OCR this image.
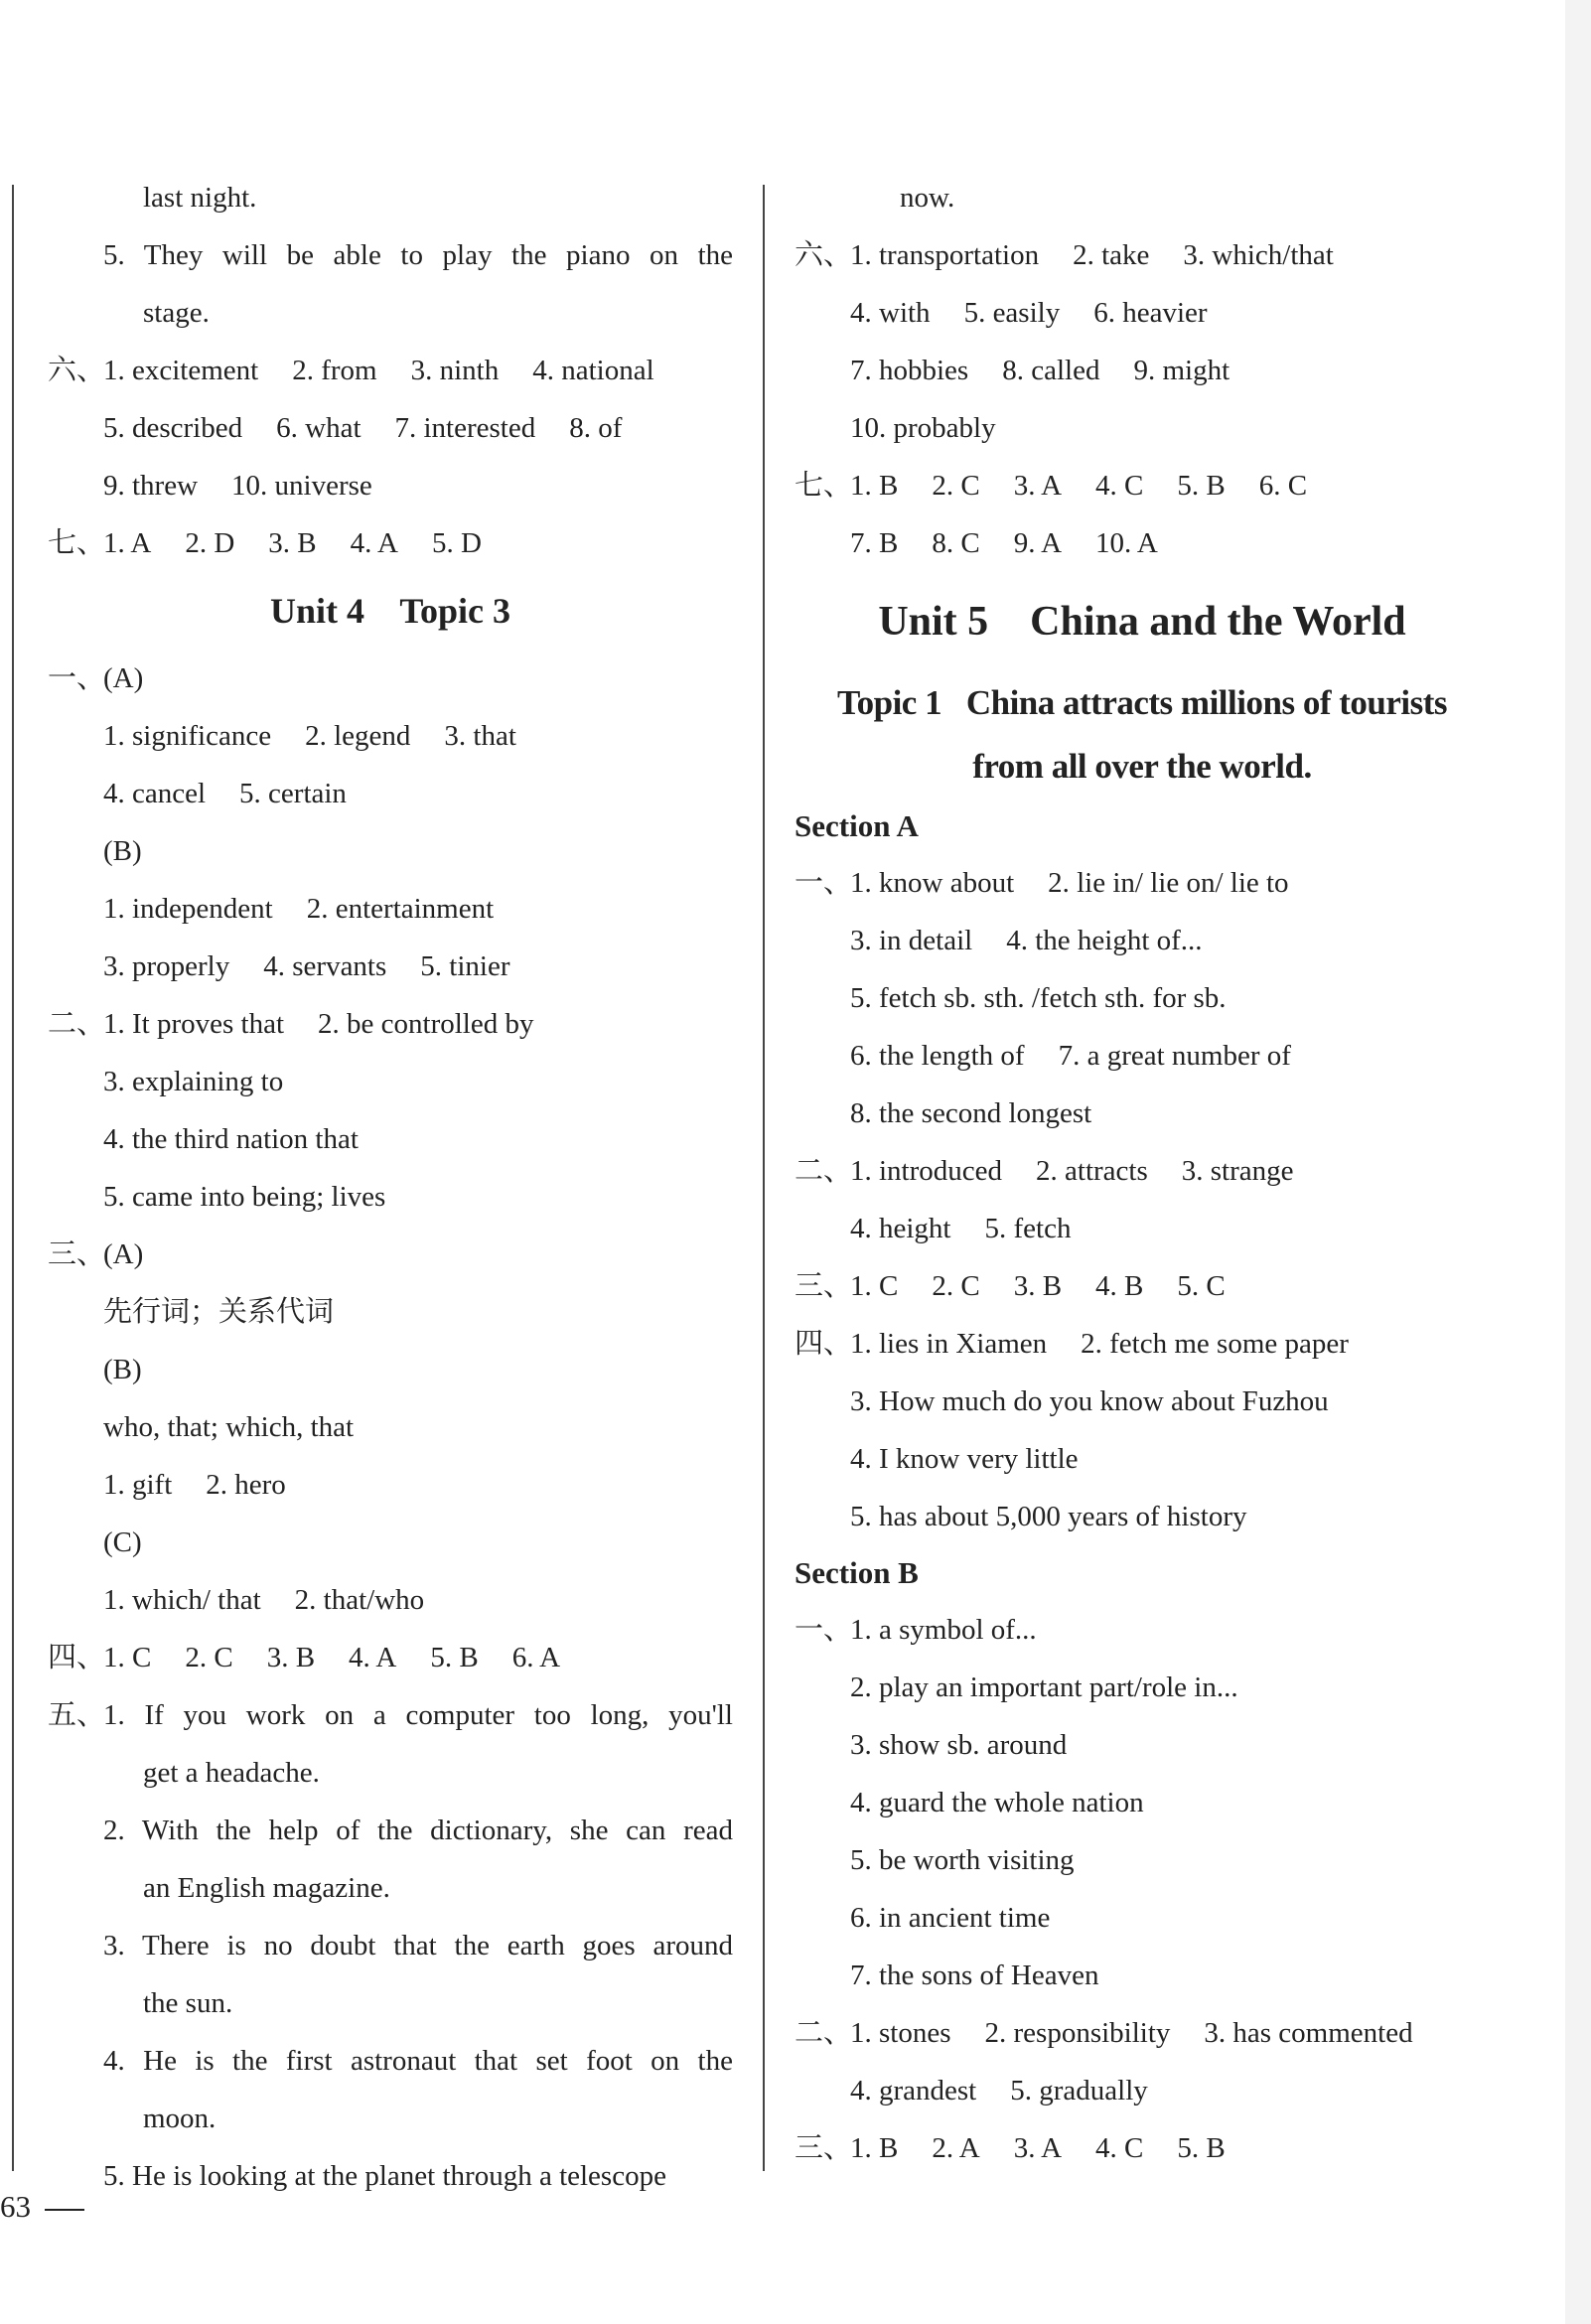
last night.
5. They will be able to play the piano on the
stage.
六、1. excitement 2. from 3. ninth 4. national
5. described 6. what 7. interested 8. of
9. threw 10. universe
七、1. A 2. D 3. B 4. A 5. D
Unit 4    Topic 3
一、(A)
1. significance 2. legend 3. that
4. cancel 5. certain
(B)
1. independent 2. entertainment
3. properly 4. servants 5. tinier
二、1. It proves that 2. be controlled by
3. explaining to
4. the third nation that
5. came into being; lives
三、(A)
先行词；关系代词
(B)
who, that; which, that
1. gift 2. hero
(C)
1. which/ that 2. that/who
四、1. C 2. C 3. B 4. A 5. B 6. A
五、1. If you work on a computer too long, you'll
get a headache.
2. With the help of the dictionary, she can read
an English magazine.
3. There is no doubt that the earth goes around
the sun.
4. He is the first astronaut that set foot on the
moon.
5. He is looking at the planet through a telescope
now.
六、1. transportation 2. take 3. which/that
4. with 5. easily 6. heavier
7. hobbies 8. called 9. might
10. probably
七、1. B 2. C 3. A 4. C 5. B 6. C
7. B 8. C 9. A 10. A
Unit 5    China and the World
Topic 1   China attracts millions of tourists
from all over the world.
Section A
一、1. know about 2. lie in/ lie on/ lie to
3. in detail 4. the height of...
5. fetch sb. sth. /fetch sth. for sb.
6. the length of 7. a great number of
8. the second longest
二、1. introduced 2. attracts 3. strange
4. height 5. fetch
三、1. C 2. C 3. B 4. B 5. C
四、1. lies in Xiamen 2. fetch me some paper
3. How much do you know about Fuzhou
4. I know very little
5. has about 5,000 years of history
Section B
一、1. a symbol of...
2. play an important part/role in...
3. show sb. around
4. guard the whole nation
5. be worth visiting
6. in ancient time
7. the sons of Heaven
二、1. stones 2. responsibility 3. has commented
4. grandest 5. gradually
三、1. B 2. A 3. A 4. C 5. B
63
